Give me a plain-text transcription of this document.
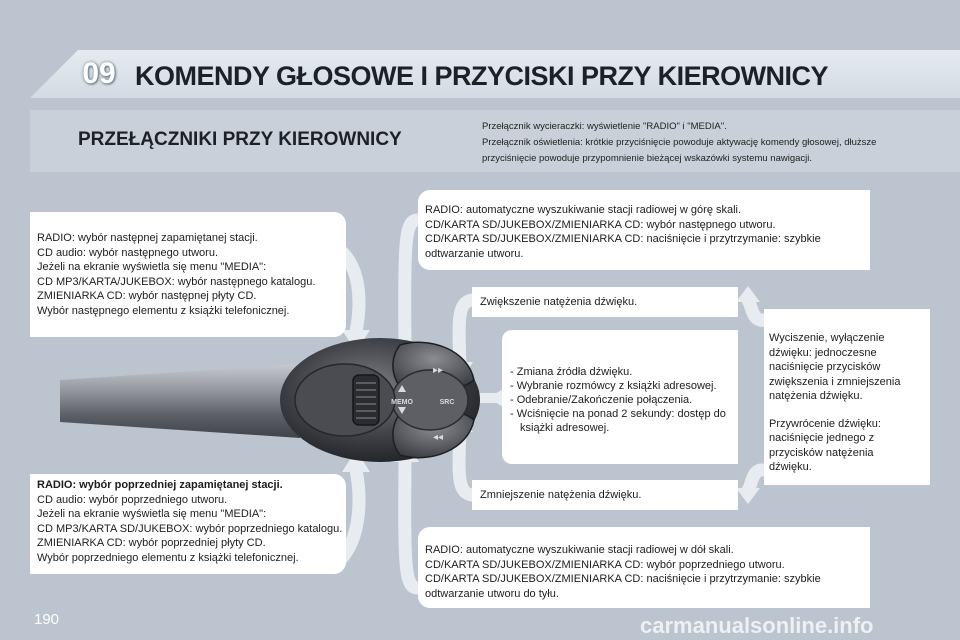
09 KOMENDY GŁOSOWE I PRZYCISKI PRZY KIEROWNICY
PRZEŁĄCZNIKI PRZY KIEROWNICY
Przełącznik wycieraczki: wyświetlenie "RADIO" i "MEDIA".
Przełącznik oświetlenia: krótkie przyciśnięcie powoduje aktywację komendy głosowej, dłuższe
przyciśnięcie powoduje przypomnienie bieżącej wskazówki systemu nawigacji.
MEMO	SRC
▸▸
◂◂
RADIO: wybór następnej zapamiętanej stacji.
CD audio: wybór następnego utworu.
Jeżeli na ekranie wyświetla się menu "MEDIA":
CD MP3/KARTA/JUKEBOX: wybór następnego katalogu.
ZMIENIARKA CD: wybór następnej płyty CD.
Wybór następnego elementu z książki telefonicznej.
RADIO: wybór poprzedniej zapamiętanej stacji.
CD audio: wybór poprzedniego utworu.
Jeżeli na ekranie wyświetla się menu "MEDIA":
CD MP3/KARTA SD/JUKEBOX: wybór poprzedniego katalogu.
ZMIENIARKA CD: wybór poprzedniej płyty CD.
Wybór poprzedniego elementu z książki telefonicznej.
RADIO: automatyczne wyszukiwanie stacji radiowej w górę skali.
CD/KARTA SD/JUKEBOX/ZMIENIARKA CD: wybór następnego utworu.
CD/KARTA SD/JUKEBOX/ZMIENIARKA CD: naciśnięcie i przytrzymanie: szybkie
odtwarzanie utworu.
RADIO: automatyczne wyszukiwanie stacji radiowej w dół skali.
CD/KARTA SD/JUKEBOX/ZMIENIARKA CD: wybór poprzedniego utworu.
CD/KARTA SD/JUKEBOX/ZMIENIARKA CD: naciśnięcie i przytrzymanie: szybkie
odtwarzanie utworu do tyłu.
Zwiększenie natężenia dźwięku.
Zmniejszenie natężenia dźwięku.
- Zmiana źródła dźwięku.
- Wybranie rozmówcy z książki adresowej.
- Odebranie/Zakończenie połączenia.
- Wciśnięcie na ponad 2 sekundy: dostęp do
książki adresowej.
Wyciszenie, wyłączenie
dźwięku: jednoczesne
naciśnięcie przycisków
zwiększenia i zmniejszenia
natężenia dźwięku.
Przywrócenie dźwięku:
naciśnięcie jednego z
przycisków natężenia
dźwięku.
190	carmanualsonline.info
